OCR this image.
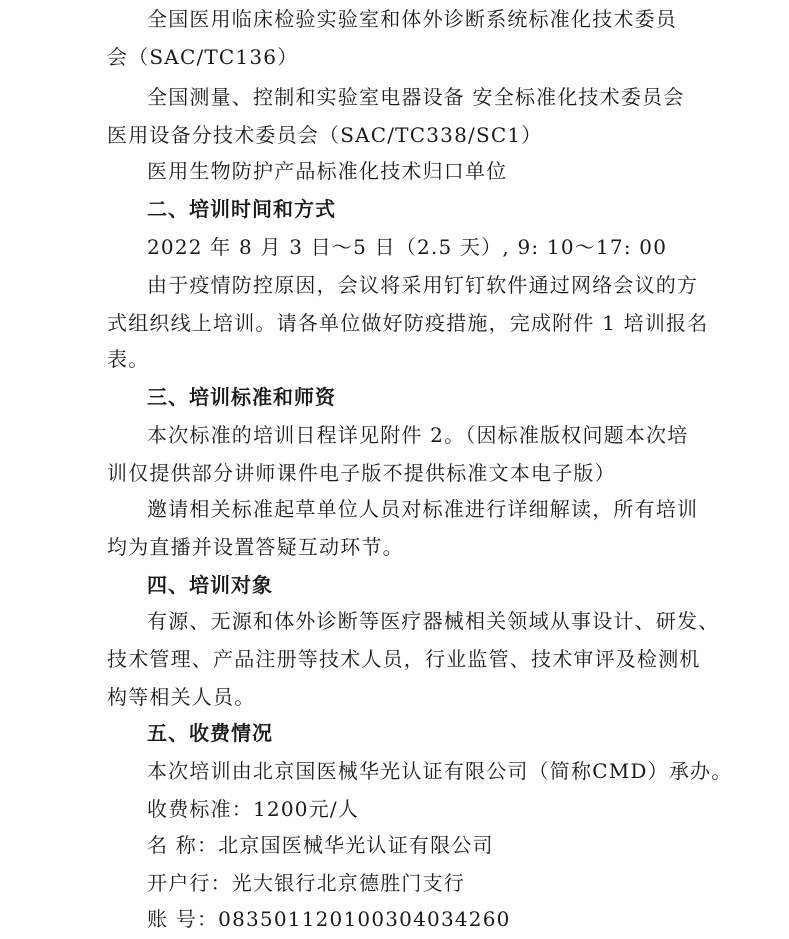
全国医用临床检验实验室和体外诊断系统标准化技术委员
会（SAC/TC136）
全国测量、控制和实验室电器设备 安全标准化技术委员会
医用设备分技术委员会（SAC/TC338/SC1）
医用生物防护产品标准化技术归口单位
二、培训时间和方式
2022 年 8 月 3 日～5 日（2.5 天）, 9: 10～17: 00
由于疫情防控原因，会议将采用钉钉软件通过网络会议的方
式组织线上培训。请各单位做好防疫措施，完成附件 1 培训报名
表。
三、培训标准和师资
本次标准的培训日程详见附件 2。（因标准版权问题本次培
训仅提供部分讲师课件电子版不提供标准文本电子版）
邀请相关标准起草单位人员对标准进行详细解读，所有培训
均为直播并设置答疑互动环节。
四、培训对象
有源、无源和体外诊断等医疗器械相关领域从事设计、研发、
技术管理、产品注册等技术人员，行业监管、技术审评及检测机
构等相关人员。
五、收费情况
本次培训由北京国医械华光认证有限公司（简称CMD）承办。
收费标准：1200元/人
名 称：北京国医械华光认证有限公司
开户行：光大银行北京德胜门支行
账 号：08350112010030403​4260
